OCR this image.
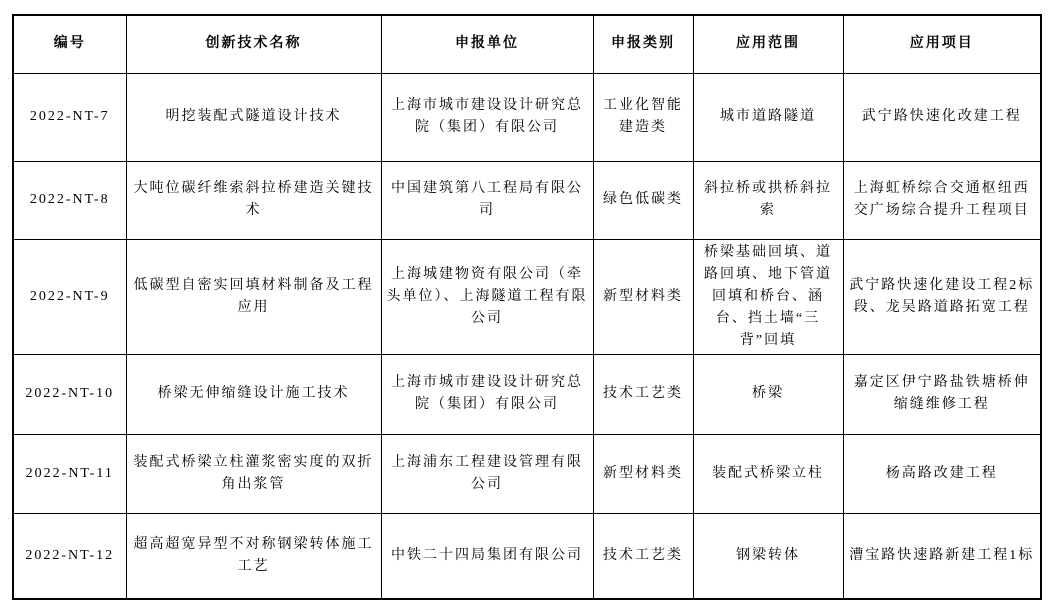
编号	创新技术名称	申报单位	申报类别	应用范围	应用项目
2022-NT-7	明挖装配式隧道设计技术	上海市城市建设设计研究总院（集团）有限公司	工业化智能建造类	城市道路隧道	武宁路快速化改建工程
2022-NT-8	大吨位碳纤维索斜拉桥建造关键技术	中国建筑第八工程局有限公司	绿色低碳类	斜拉桥或拱桥斜拉索	上海虹桥综合交通枢纽西交广场综合提升工程项目
2022-NT-9	低碳型自密实回填材料制备及工程应用	上海城建物资有限公司（牵头单位）、上海隧道工程有限公司	新型材料类	桥梁基础回填、道路回填、地下管道回填和桥台、涵台、挡土墙“三背”回填	武宁路快速化建设工程2标段、龙吴路道路拓宽工程
2022-NT-10	桥梁无伸缩缝设计施工技术	上海市城市建设设计研究总院（集团）有限公司	技术工艺类	桥梁	嘉定区伊宁路盐铁塘桥伸缩缝维修工程
2022-NT-11	装配式桥梁立柱灌浆密实度的双折角出浆管	上海浦东工程建设管理有限公司	新型材料类	装配式桥梁立柱	杨高路改建工程
2022-NT-12	超高超宽异型不对称钢梁转体施工工艺	中铁二十四局集团有限公司	技术工艺类	钢梁转体	漕宝路快速路新建工程1标
